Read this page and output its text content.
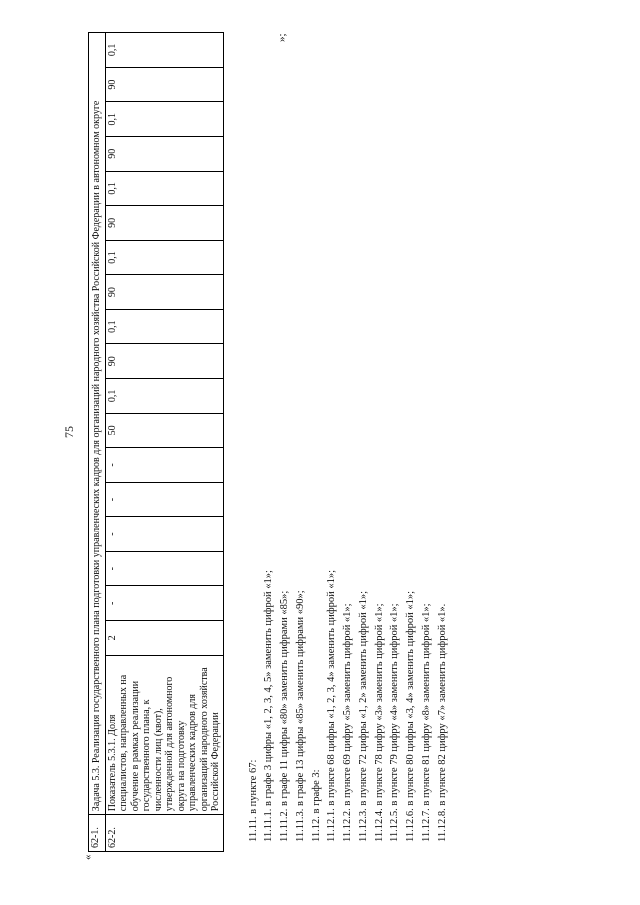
75
«
»;
62-1.	Задача 5.3. Реализация государственного плана подготовки управленческих кадров для организаций народного хозяйства Российской Федерации в автономном округе																		
62-2.	Показатель 5.3.1. Доля специалистов, направленных на обучение в рамках реализации государственного плана, к численности лиц (квот), утвержденной для автономного округа на подготовку управленческих кадров для организаций народного хозяйства Российской Федерации	2	-	-	-	-	-	50	0,1	90	0,1	90	0,1	90	0,1	90	0,1	90	0,1
11.11. в пункте 67: 11.11.1. в графе 3 цифры «1, 2, 3, 4, 5» заменить цифрой «1»; 11.11.2. в графе 11 цифры «80» заменить цифрами «85»; 11.11.3. в графе 13 цифры «85» заменить цифрами «90»; 11.12. в графе 3: 11.12.1. в пункте 68 цифры «1, 2, 3, 4» заменить цифрой «1»; 11.12.2. в пункте 69 цифру «5» заменить цифрой «1»; 11.12.3. в пункте 72 цифры «1, 2» заменить цифрой «1»; 11.12.4. в пункте 78 цифру «3» заменить цифрой «1»; 11.12.5. в пункте 79 цифру «4» заменить цифрой «1»; 11.12.6. в пункте 80 цифры «3, 4» заменить цифрой «1»; 11.12.7. в пункте 81 цифру «8» заменить цифрой «1»; 11.12.8. в пункте 82 цифру «7» заменить цифрой «1».
